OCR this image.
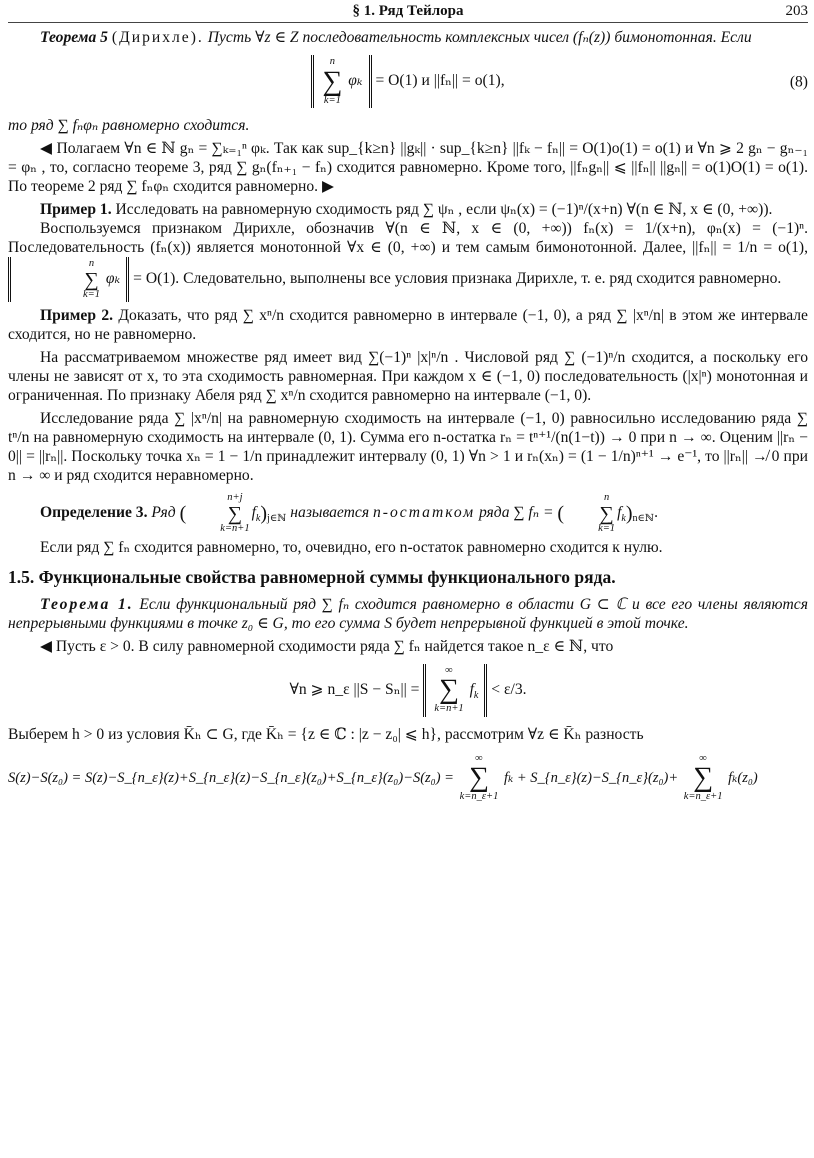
§ 1. Ряд Тейлора	203

Теорема 5 (Дирихле). Пусть ∀z ∈ Z последовательность комплексных чисел (fₙ(z)) бимонотонная. Если

n
∑
k=1
φₖ = O(1) и ||fₙ|| = o(1),	(8)

то ряд ∑ fₙφₙ равномерно сходится.

◀ Полагаем ∀n ∈ ℕ gₙ = ∑ₖ₌₁ⁿ φₖ. Так как sup_{k≥n} ||gₖ|| · sup_{k≥n} ||fₖ − fₙ|| = O(1)o(1) = o(1) и ∀n ⩾ 2 gₙ − gₙ₋₁ = φₙ , то, согласно теореме 3, ряд ∑ gₙ(fₙ₊₁ − fₙ) сходится равномерно. Кроме того, ||fₙgₙ|| ⩽ ||fₙ|| ||gₙ|| = o(1)O(1) = o(1). По теореме 2 ряд ∑ fₙφₙ сходится равномерно. ▶

Пример 1. Исследовать на равномерную сходимость ряд ∑ ψₙ , если ψₙ(x) = (−1)ⁿ/(x+n) ∀(n ∈ ℕ, x ∈ (0, +∞)).

Воспользуемся признаком Дирихле, обозначив ∀(n ∈ ℕ, x ∈ (0, +∞)) fₙ(x) = 1/(x+n), φₙ(x) = (−1)ⁿ. Последовательность (fₙ(x)) является монотонной ∀x ∈ (0, +∞) и тем самым бимонотонной. Далее, ||fₙ|| = 1/n = o(1),
n
∑
k=1
φₖ = O(1). Следовательно, выполнены все условия признака Дирихле, т. е. ряд сходится равномерно.

Пример 2. Доказать, что ряд ∑ xⁿ/n сходится равномерно в интервале (−1, 0), а ряд ∑ |xⁿ/n| в этом же интервале сходится, но не равномерно.

На рассматриваемом множестве ряд имеет вид ∑(−1)ⁿ |x|ⁿ/n . Числовой ряд ∑ (−1)ⁿ/n сходится, а поскольку его члены не зависят от x, то эта сходимость равномерная. При каждом x ∈ (−1, 0) последовательность (|x|ⁿ) монотонная и ограниченная. По признаку Абеля ряд ∑ xⁿ/n сходится равномерно на интервале (−1, 0).

Исследование ряда ∑ |xⁿ/n| на равномерную сходимость на интервале (−1, 0) равносильно исследованию ряда ∑ tⁿ/n на равномерную сходимость на интервале (0, 1). Сумма его n-остатка rₙ = tⁿ⁺¹/(n(1−t)) → 0 при n → ∞. Оценим ||rₙ − 0|| = ||rₙ||. Поскольку точка xₙ = 1 − 1/n принадлежит интервалу (0, 1) ∀n > 1 и rₙ(xₙ) = (1 − 1/n)ⁿ⁺¹ → e⁻¹, то ||rₙ|| ↛ 0 при n → ∞ и ряд сходится неравномерно.

Определение 3. Ряд (
n+j
∑
k=n+1
$f_k)_{j\in ℕ}$ называется n-остатком ряда ∑ fₙ = (
n
∑
k=1
$f_k)_{n\in ℕ}$.

Если ряд ∑ fₙ сходится равномерно, то, очевидно, его n-остаток равномерно сходится к нулю.

1.5. Функциональные свойства равномерной суммы функционального ряда.

Теорема 1. Если функциональный ряд ∑ fₙ сходится равномерно в области G ⊂ ℂ и все его члены являются непрерывными функциями в точке z₀ ∈ G, то его сумма S будет непрерывной функцией в этой точке.

◀ Пусть ε > 0. В силу равномерной сходимости ряда ∑ fₙ найдется такое n_ε ∈ ℕ, что

∀n ⩾ n_ε ||S − Sₙ|| =
∞
∑
k=n+1
$f_k < \varepsilon/3$.

Выберем h > 0 из условия K̄ₕ ⊂ G, где K̄ₕ = {z ∈ ℂ : |z − z₀| ⩽ h}, рассмотрим ∀z ∈ K̄ₕ разность

S(z)−S(z₀) = S(z)−S_{n_ε}(z)+S_{n_ε}(z)−S_{n_ε}(z₀)+S_{n_ε}(z₀)−S(z₀) =
∞
∑
k=n_ε+1
fₖ + S_{n_ε}(z)−S_{n_ε}(z₀)+
∞
∑
k=n_ε+1
fₖ(z₀)
